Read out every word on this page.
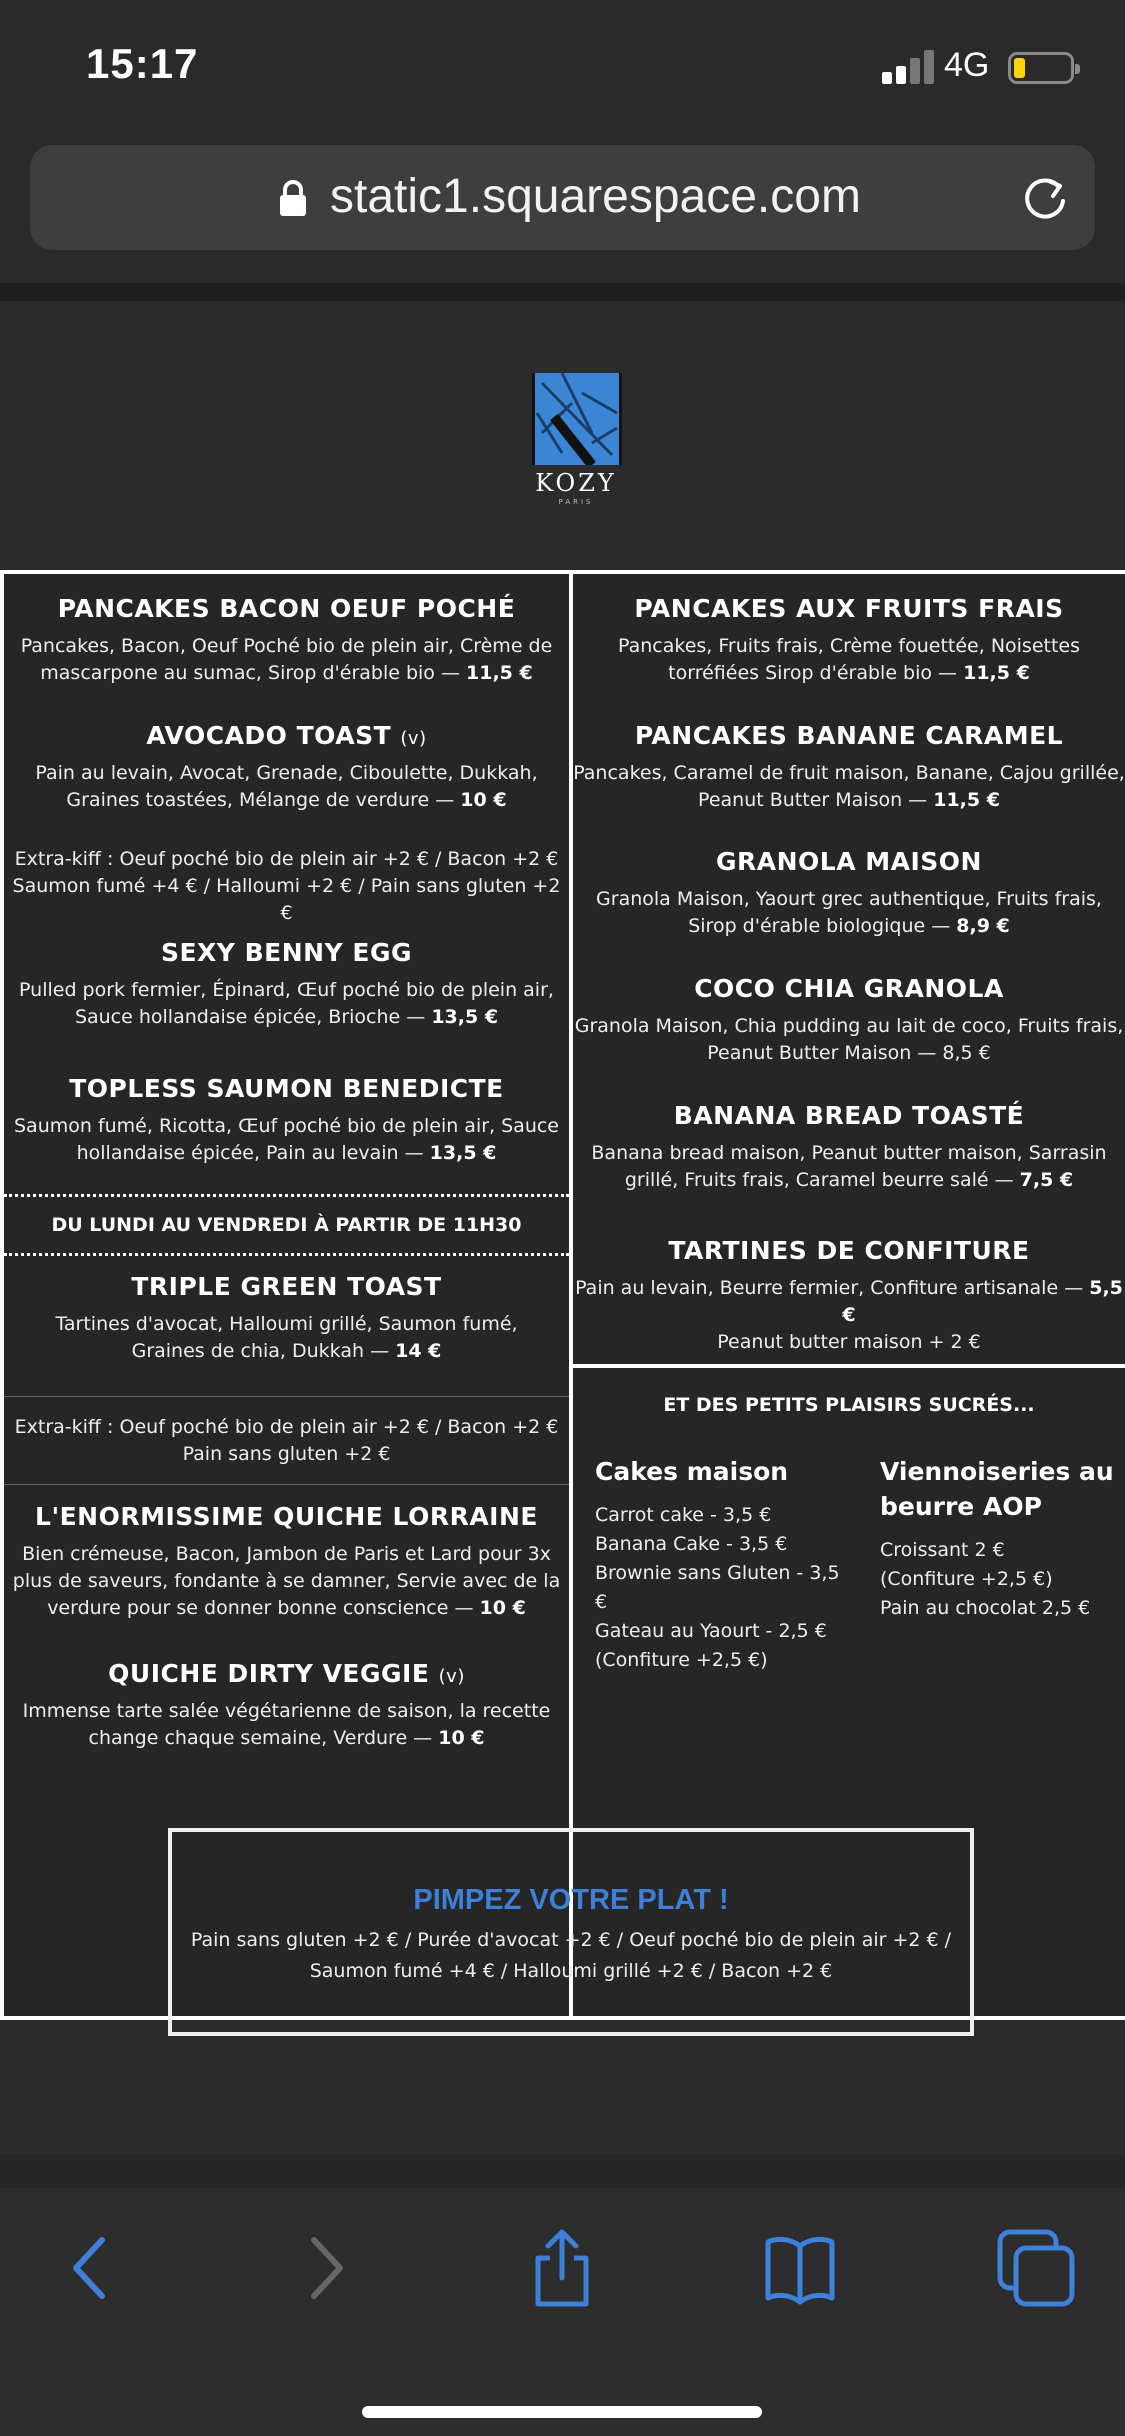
15:17	4G
static1.squarespace.com
KOZY
PARIS
PANCAKES BACON OEUF POCHÉ

Pancakes, Bacon, Oeuf Poché bio de plein air, Crème de
mascarpone au sumac, Sirop d'érable bio — 11,5 €

AVOCADO TOAST (v)

Pain au levain, Avocat, Grenade, Ciboulette, Dukkah,
Graines toastées, Mélange de verdure — 10 €

Extra-kiff : Oeuf poché bio de plein air +2 € / Bacon +2 €
Saumon fumé +4 € / Halloumi +2 € / Pain sans gluten +2 €

SEXY BENNY EGG

Pulled pork fermier, Épinard, Œuf poché bio de plein air,
Sauce hollandaise épicée, Brioche — 13,5 €

TOPLESS SAUMON BENEDICTE

Saumon fumé, Ricotta, Œuf poché bio de plein air, Sauce
hollandaise épicée, Pain au levain — 13,5 €

DU LUNDI AU VENDREDI À PARTIR DE 11H30
TRIPLE GREEN TOAST

Tartines d'avocat, Halloumi grillé, Saumon fumé,
Graines de chia, Dukkah — 14 €

Extra-kiff : Oeuf poché bio de plein air +2 € / Bacon +2 €
Pain sans gluten +2 €

L'ENORMISSIME QUICHE LORRAINE

Bien crémeuse, Bacon, Jambon de Paris et Lard pour 3x
plus de saveurs, fondante à se damner, Servie avec de la
verdure pour se donner bonne conscience — 10 €

QUICHE DIRTY VEGGIE (v)

Immense tarte salée végétarienne de saison, la recette
change chaque semaine, Verdure — 10 €

PANCAKES AUX FRUITS FRAIS

Pancakes, Fruits frais, Crème fouettée, Noisettes
torréfiées Sirop d'érable bio — 11,5 €

PANCAKES BANANE CARAMEL

Pancakes, Caramel de fruit maison, Banane, Cajou grillée,
Peanut Butter Maison — 11,5 €

GRANOLA MAISON

Granola Maison, Yaourt grec authentique, Fruits frais,
Sirop d'érable biologique — 8,9 €

COCO CHIA GRANOLA

Granola Maison, Chia pudding au lait de coco, Fruits frais,
Peanut Butter Maison — 8,5 €

BANANA BREAD TOASTÉ

Banana bread maison, Peanut butter maison, Sarrasin
grillé, Fruits frais, Caramel beurre salé — 7,5 €

TARTINES DE CONFITURE

Pain au levain, Beurre fermier, Confiture artisanale — 5,5 €
Peanut butter maison + 2 €

ET DES PETITS PLAISIRS SUCRÉS...
Cakes maison
Carrot cake - 3,5 €
Banana Cake - 3,5 €
Brownie sans Gluten - 3,5 €
Gateau au Yaourt - 2,5 €
(Confiture +2,5 €)
Viennoiseries au
beurre AOP
Croissant 2 €
(Confiture +2,5 €)
Pain au chocolat 2,5 €
PIMPEZ VOTRE PLAT !

Pain sans gluten +2 € / Purée d'avocat +2 € / Oeuf poché bio de plein air +2 € /
Saumon fumé +4 € / Halloumi grillé +2 € / Bacon +2 €
